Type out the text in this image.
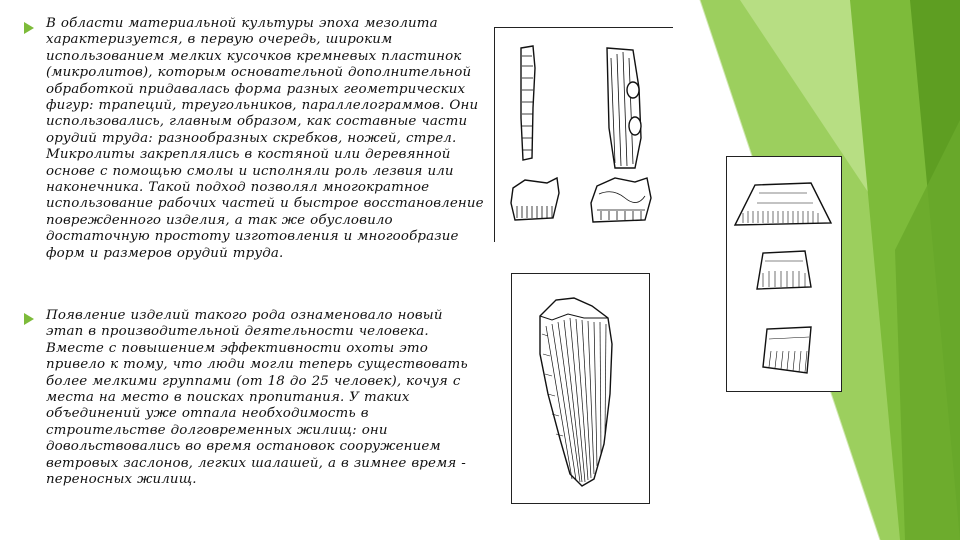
В области материальной культуры эпоха мезолита характеризуется, в первую очередь, широким использованием мелких кусочков кремневых пластинок (микролитов), которым основательной дополнительной обработкой придавалась форма разных геометрических фигур: трапеций, треугольников, параллелограммов. Они использовались, главным образом, как составные части орудий труда: разнообразных скребков, ножей, стрел. Микролиты закреплялись в костяной или деревянной основе с помощью смолы и исполняли роль лезвия или наконечника. Такой подход позволял многократное использование рабочих частей и быстрое восстановление поврежденного изделия, а так же обусловило достаточную простоту изготовления и многообразие форм и размеров орудий труда.

Появление изделий такого рода ознаменовало новый этап в производительной деятельности человека. Вместе с повышением эффективности охоты это привело к тому, что люди могли теперь существовать более мелкими группами (от 18 до 25 человек), кочуя с места на место в поисках пропитания. У таких объединений уже отпала необходимость в строительстве долговременных жилищ: они довольствовались во время остановок сооружением ветровых заслонов, легких шалашей, а в зимнее время - переносных жилищ.
